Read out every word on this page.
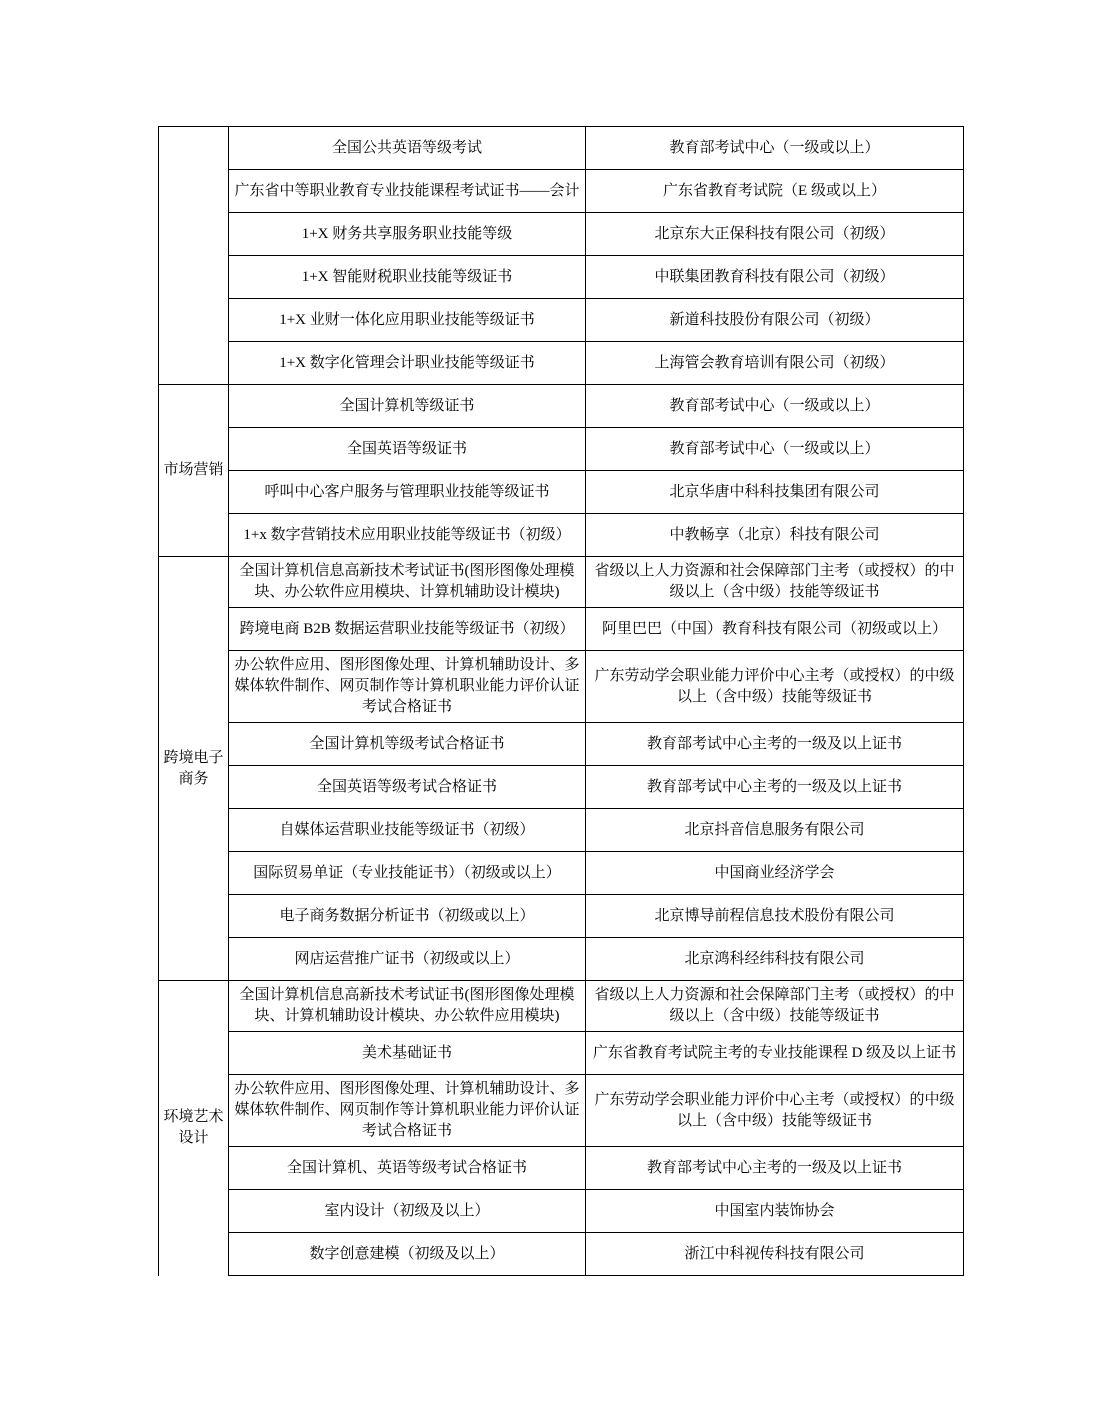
	全国公共英语等级考试	教育部考试中心（一级或以上）
	广东省中等职业教育专业技能课程考试证书——会计	广东省教育考试院（E 级或以上）
	1+X 财务共享服务职业技能等级	北京东大正保科技有限公司（初级）
	1+X 智能财税职业技能等级证书	中联集团教育科技有限公司（初级）
	1+X 业财一体化应用职业技能等级证书	新道科技股份有限公司（初级）
	1+X 数字化管理会计职业技能等级证书	上海管会教育培训有限公司（初级）
市场营销	全国计算机等级证书	教育部考试中心（一级或以上）
	全国英语等级证书	教育部考试中心（一级或以上）
	呼叫中心客户服务与管理职业技能等级证书	北京华唐中科科技集团有限公司
	1+x 数字营销技术应用职业技能等级证书（初级）	中教畅享（北京）科技有限公司
跨境电子商务	全国计算机信息高新技术考试证书(图形图像处理模块、办公软件应用模块、计算机辅助设计模块)	省级以上人力资源和社会保障部门主考（或授权）的中级以上（含中级）技能等级证书
	跨境电商 B2B 数据运营职业技能等级证书（初级）	阿里巴巴（中国）教育科技有限公司（初级或以上）
	办公软件应用、图形图像处理、计算机辅助设计、多媒体软件制作、网页制作等计算机职业能力评价认证考试合格证书	广东劳动学会职业能力评价中心主考（或授权）的中级以上（含中级）技能等级证书
	全国计算机等级考试合格证书	教育部考试中心主考的一级及以上证书
	全国英语等级考试合格证书	教育部考试中心主考的一级及以上证书
	自媒体运营职业技能等级证书（初级）	北京抖音信息服务有限公司
	国际贸易单证（专业技能证书）（初级或以上）	中国商业经济学会
	电子商务数据分析证书（初级或以上）	北京博导前程信息技术股份有限公司
	网店运营推广证书（初级或以上）	北京鸿科经纬科技有限公司
环境艺术设计	全国计算机信息高新技术考试证书(图形图像处理模块、计算机辅助设计模块、办公软件应用模块)	省级以上人力资源和社会保障部门主考（或授权）的中级以上（含中级）技能等级证书
	美术基础证书	广东省教育考试院主考的专业技能课程 D 级及以上证书
	办公软件应用、图形图像处理、计算机辅助设计、多媒体软件制作、网页制作等计算机职业能力评价认证考试合格证书	广东劳动学会职业能力评价中心主考（或授权）的中级以上（含中级）技能等级证书
	全国计算机、英语等级考试合格证书	教育部考试中心主考的一级及以上证书
	室内设计（初级及以上）	中国室内装饰协会
	数字创意建模（初级及以上）	浙江中科视传科技有限公司
